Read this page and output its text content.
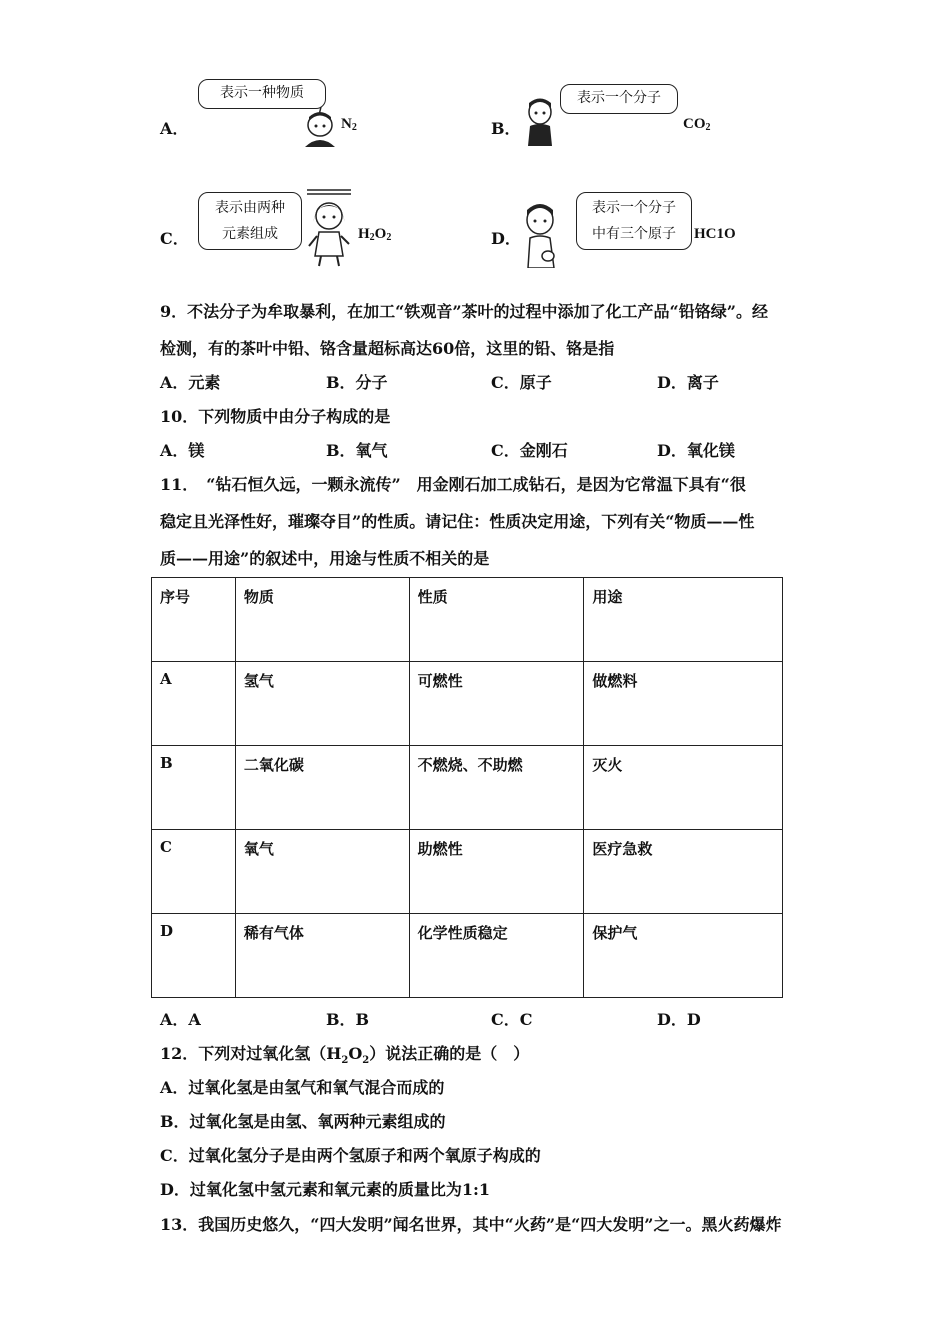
A．
表示一种物质
$N_2$	B．
表示一个分子
$CO_2$
C．
表示由两种
元素组成	$H_2O_2$	D．
表示一个分子
中有三个原子	HC1O
9．不法分子为牟取暴利，在加工“铁观音”茶叶的过程中添加了化工产品“铅铬绿”。经
检测，有的茶叶中铅、铬含量超标高达60倍，这里的铅、铬是指
A．元素	B．分子	C．原子	D．离子
10．下列物质中由分子构成的是
A．镁	B．氧气	C．金刚石	D．氧化镁
11．　“钻石恒久远，一颗永流传”　用金刚石加工成钻石，是因为它常温下具有“很
稳定且光泽性好，璀璨夺目”的性质。请记住：性质决定用途，下列有关“物质——性
质——用途”的叙述中，用途与性质不相关的是
序号	物质	性质	用途
A	氢气	可燃性	做燃料
B	二氧化碳	不燃烧、不助燃	灭火
C	氧气	助燃性	医疗急救
D	稀有气体	化学性质稳定	保护气
A．A	B．B	C．C	D．D
12．下列对过氧化氢$(H_2O_2)$说法正确的是（　）
A．过氧化氢是由氢气和氧气混合而成的
B．过氧化氢是由氢、氧两种元素组成的
C．过氧化氢分子是由两个氢原子和两个氧原子构成的
D．过氧化氢中氢元素和氧元素的质量比为1:1
13．我国历史悠久，“四大发明”闻名世界，其中“火药”是“四大发明”之一。黑火药爆炸
